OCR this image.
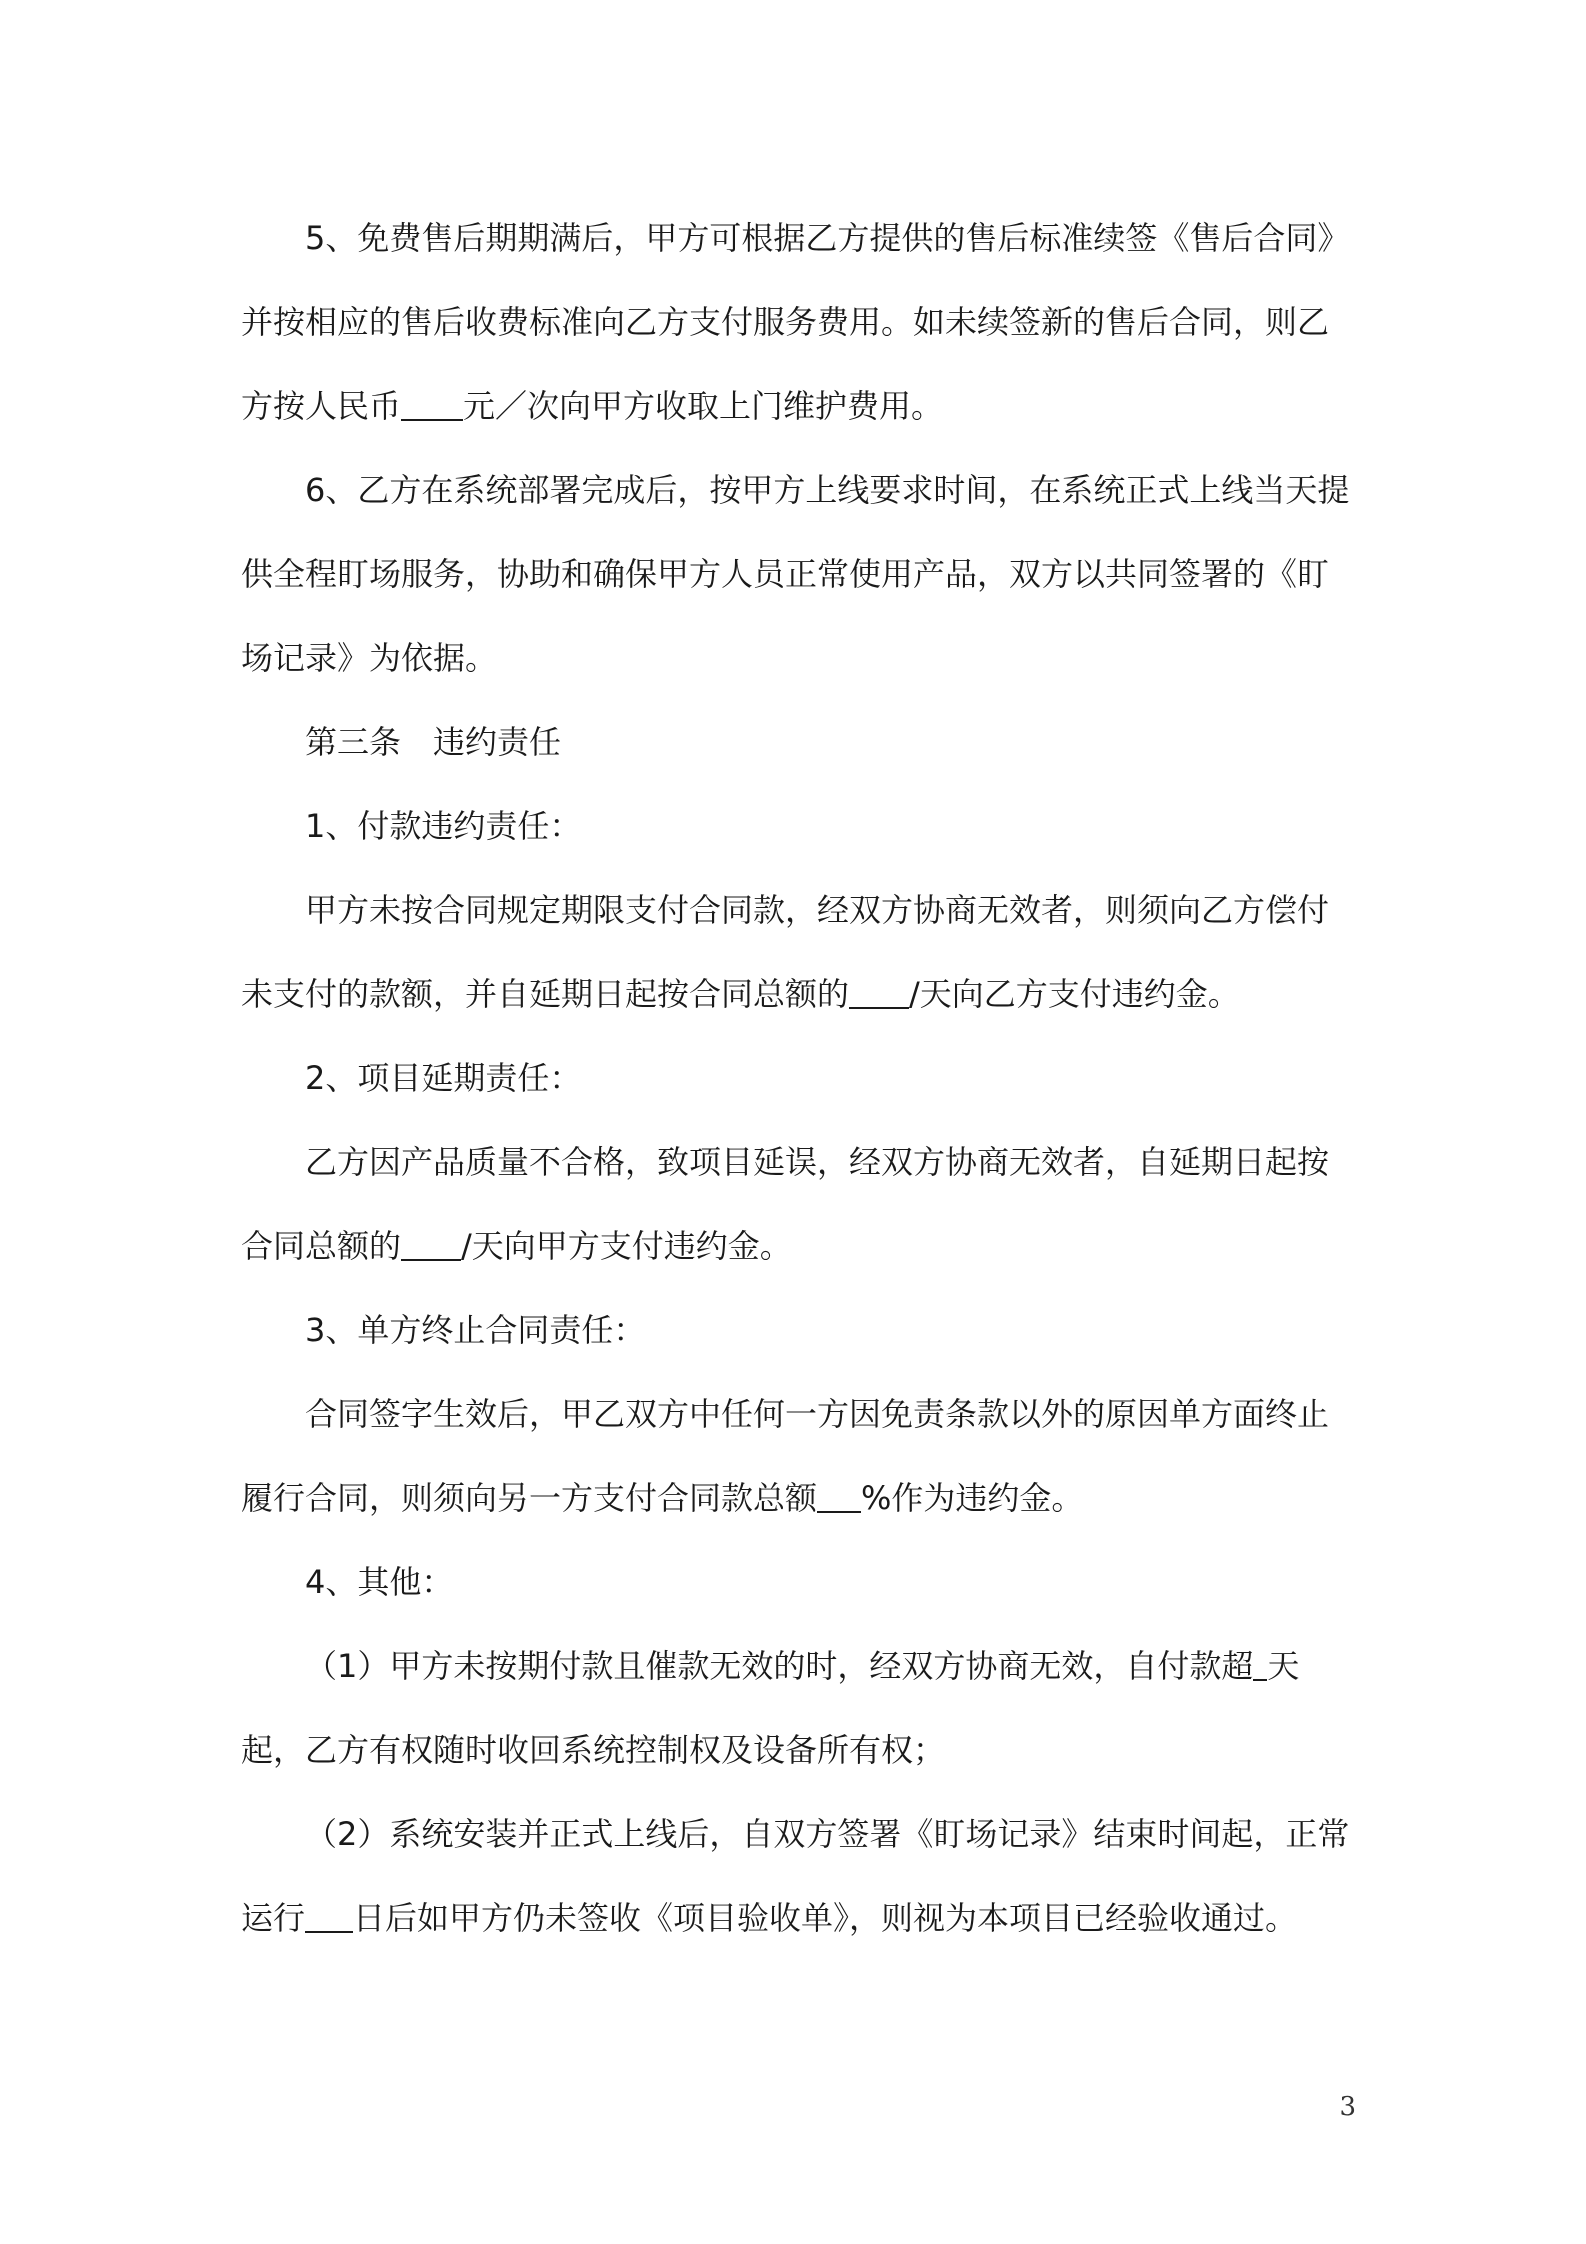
5、免费售后期期满后，甲方可根据乙方提供的售后标准续签《售后合同》并按相应的售后收费标准向乙方支付服务费用。如未续签新的售后合同，则乙方按人民币 元／次向甲方收取上门维护费用。

6、乙方在系统部署完成后，按甲方上线要求时间，在系统正式上线当天提供全程盯场服务，协助和确保甲方人员正常使用产品，双方以共同签署的《盯场记录》为依据。

第三条　违约责任

1、付款违约责任：

甲方未按合同规定期限支付合同款，经双方协商无效者，则须向乙方偿付未支付的款额，并自延期日起按合同总额的 /天向乙方支付违约金。

2、项目延期责任：

乙方因产品质量不合格，致项目延误，经双方协商无效者，自延期日起按合同总额的 /天向甲方支付违约金。

3、单方终止合同责任：

合同签字生效后，甲乙双方中任何一方因免责条款以外的原因单方面终止履行合同，则须向另一方支付合同款总额 %作为违约金。

4、其他：

（1）甲方未按期付款且催款无效的时，经双方协商无效，自付款超 天起，乙方有权随时收回系统控制权及设备所有权；

（2）系统安装并正式上线后，自双方签署《盯场记录》结束时间起，正常运行 日后如甲方仍未签收《项目验收单》，则视为本项目已经验收通过。

3
